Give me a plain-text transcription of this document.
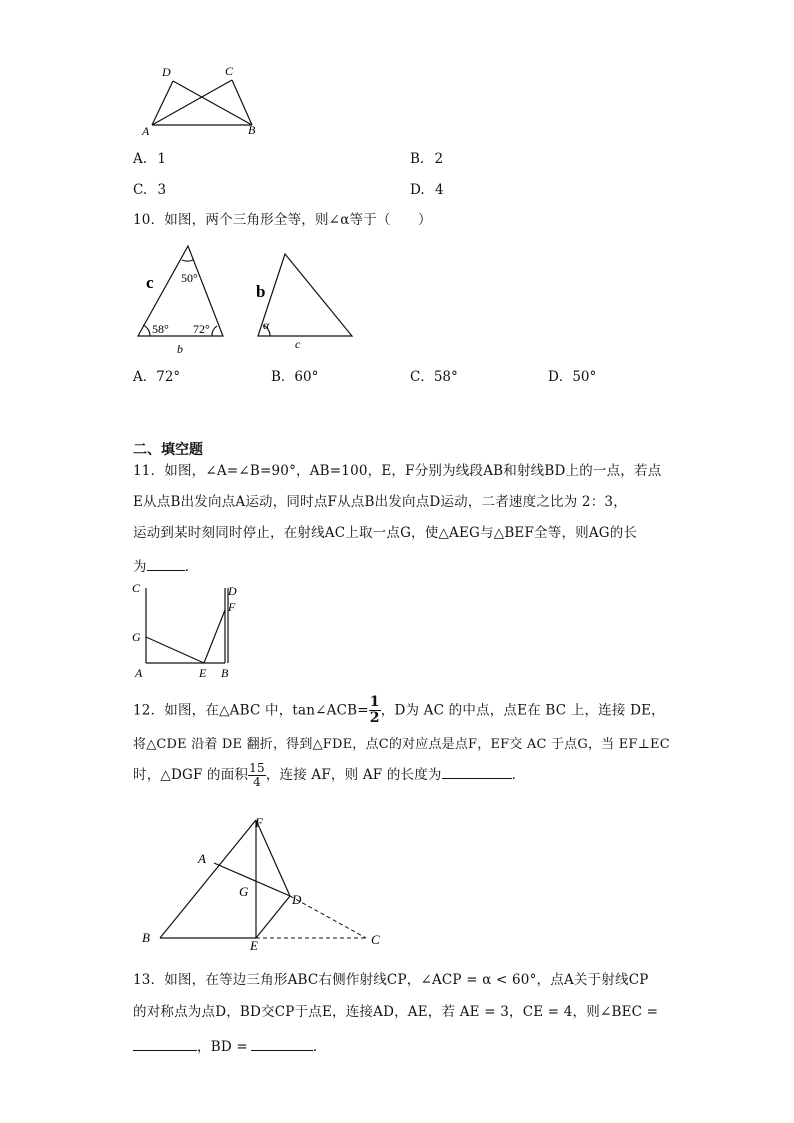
D	C
A	B
A. 1	B. 2
C. 3	D. 4
10．如图，两个三角形全等，则∠α等于（　　）
c 50°
58° 72°
b
b
α
c
A．72°	B．60°	C．58°	D．50°
二、填空题
11．如图，∠A=∠B=90°，AB=100，E，F分别为线段AB和射线BD上的一点，若点
E从点B出发向点A运动，同时点F从点B出发向点D运动，二者速度之比为 2：3，
运动到某时刻同时停止，在射线AC上取一点G，使△AEG与△BEF全等，则AG的长
为	．
C	D
F
G
A	E B
12．如图，在△ABC 中，tan∠ACB= $\frac{1}{2}$ ，D为 AC 的中点，点E在 BC 上，连接 DE，
将△CDE 沿着 DE 翻折，得到△FDE，点C的对应点是点F，EF交 AC 于点G，当 EF⊥EC
时，△DGF 的面积 $\frac{15}{4}$ ，连接 AF，则 AF 的长度为	．
F
A
G
D
B
E	C
13．如图，在等边三角形ABC右侧作射线CP，∠ACP = α < 60°，点A关于射线CP
的对称点为点D，BD交CP于点E，连接AD，AE，若 AE = 3，CE = 4，则∠BEC =
，BD =	．
